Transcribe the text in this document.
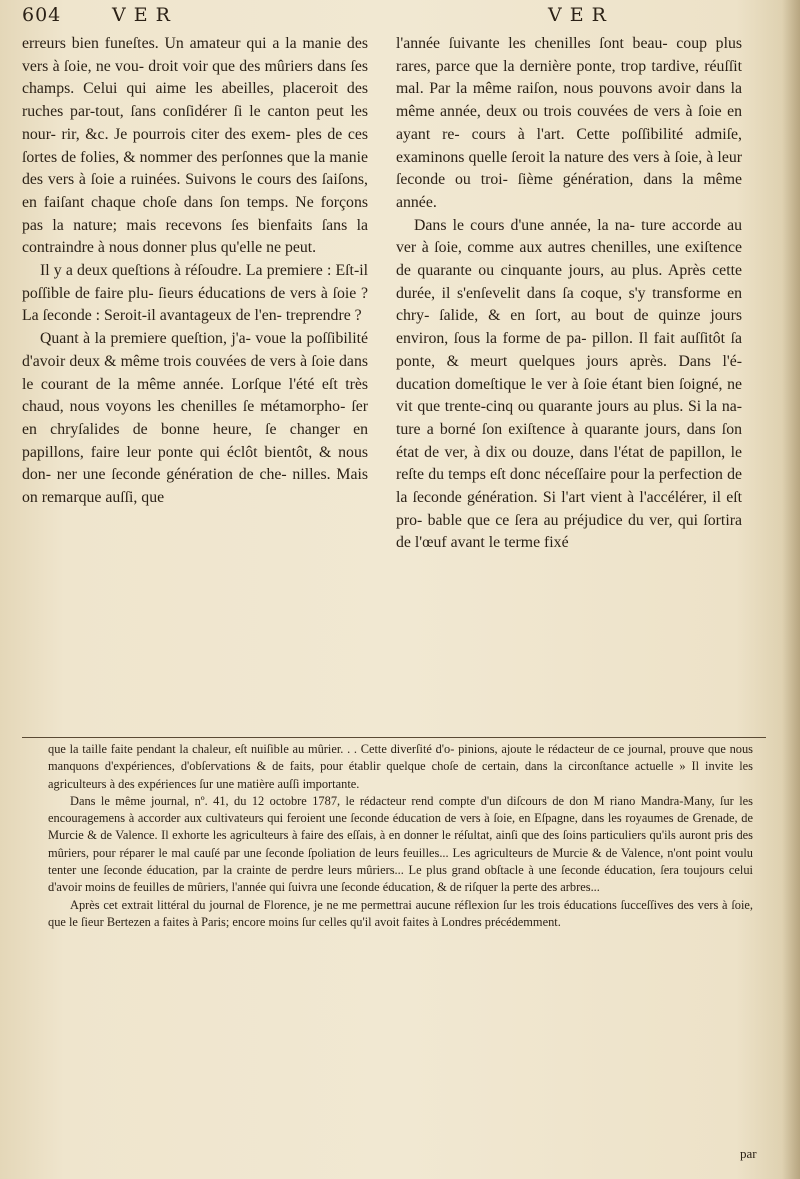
604	V E R	V E R

erreurs bien funeſtes. Un amateur qui a la manie des vers à ſoie, ne vou- droit voir que des mûriers dans ſes champs. Celui qui aime les abeilles, placeroit des ruches par-tout, ſans conſidérer ſi le canton peut les nour- rir, &c. Je pourrois citer des exem- ples de ces ſortes de folies, & nommer des perſonnes que la manie des vers à ſoie a ruinées. Suivons le cours des ſaiſons, en faiſant chaque choſe dans ſon temps. Ne forçons pas la nature; mais recevons ſes bienfaits ſans la contraindre à nous donner plus qu'elle ne peut.

Il y a deux queſtions à réſoudre. La premiere : Eſt-il poſſible de faire plu- ſieurs éducations de vers à ſoie ? La ſeconde : Seroit-il avantageux de l'en- treprendre ?

Quant à la premiere queſtion, j'a- voue la poſſibilité d'avoir deux & même trois couvées de vers à ſoie dans le courant de la même année. Lorſque l'été eſt très chaud, nous voyons les chenilles ſe métamorpho- ſer en chryſalides de bonne heure, ſe changer en papillons, faire leur ponte qui éclôt bientôt, & nous don- ner une ſeconde génération de che- nilles. Mais on remarque auſſi, que

l'année ſuivante les chenilles ſont beau- coup plus rares, parce que la dernière ponte, trop tardive, réuſſit mal. Par la même raiſon, nous pouvons avoir dans la même année, deux ou trois couvées de vers à ſoie en ayant re- cours à l'art. Cette poſſibilité admiſe, examinons quelle ſeroit la nature des vers à ſoie, à leur ſeconde ou troi- ſième génération, dans la même année.

Dans le cours d'une année, la na- ture accorde au ver à ſoie, comme aux autres chenilles, une exiſtence de quarante ou cinquante jours, au plus. Après cette durée, il s'enſevelit dans ſa coque, s'y transforme en chry- ſalide, & en ſort, au bout de quinze jours environ, ſous la forme de pa- pillon. Il fait auſſitôt ſa ponte, & meurt quelques jours après. Dans l'é- ducation domeſtique le ver à ſoie étant bien ſoigné, ne vit que trente-cinq ou quarante jours au plus. Si la na- ture a borné ſon exiſtence à quarante jours, dans ſon état de ver, à dix ou douze, dans l'état de papillon, le reſte du temps eſt donc néceſſaire pour la perfection de la ſeconde génération. Si l'art vient à l'accélérer, il eſt pro- bable que ce ſera au préjudice du ver, qui ſortira de l'œuf avant le terme fixé

que la taille faite pendant la chaleur, eſt nuiſible au mûrier. . . Cette diverſité d'o- pinions, ajoute le rédacteur de ce journal, prouve que nous manquons d'expériences, d'obſervations & de faits, pour établir quelque choſe de certain, dans la circonſtance actuelle » Il invite les agriculteurs à des expériences ſur une matière auſſi importante.

Dans le même journal, nº. 41, du 12 octobre 1787, le rédacteur rend compte d'un diſcours de don M riano Mandra-Many, ſur les encouragemens à accorder aux cultivateurs qui feroient une ſeconde éducation de vers à ſoie, en Eſpagne, dans les royaumes de Grenade, de Murcie & de Valence. Il exhorte les agriculteurs à faire des eſſais, à en donner le réſultat, ainſi que des ſoins particuliers qu'ils auront pris des mûriers, pour réparer le mal cauſé par une ſeconde ſpoliation de leurs feuilles... Les agriculteurs de Murcie & de Valence, n'ont point voulu tenter une ſeconde éducation, par la crainte de perdre leurs mûriers... Le plus grand obſtacle à une ſeconde éducation, ſera toujours celui d'avoir moins de feuilles de mûriers, l'année qui ſuivra une ſeconde éducation, & de riſquer la perte des arbres...

Après cet extrait littéral du journal de Florence, je ne me permettrai aucune réflexion ſur les trois éducations ſucceſſives des vers à ſoie, que le ſieur Bertezen a faites à Paris; encore moins ſur celles qu'il avoit faites à Londres précédemment.

par
